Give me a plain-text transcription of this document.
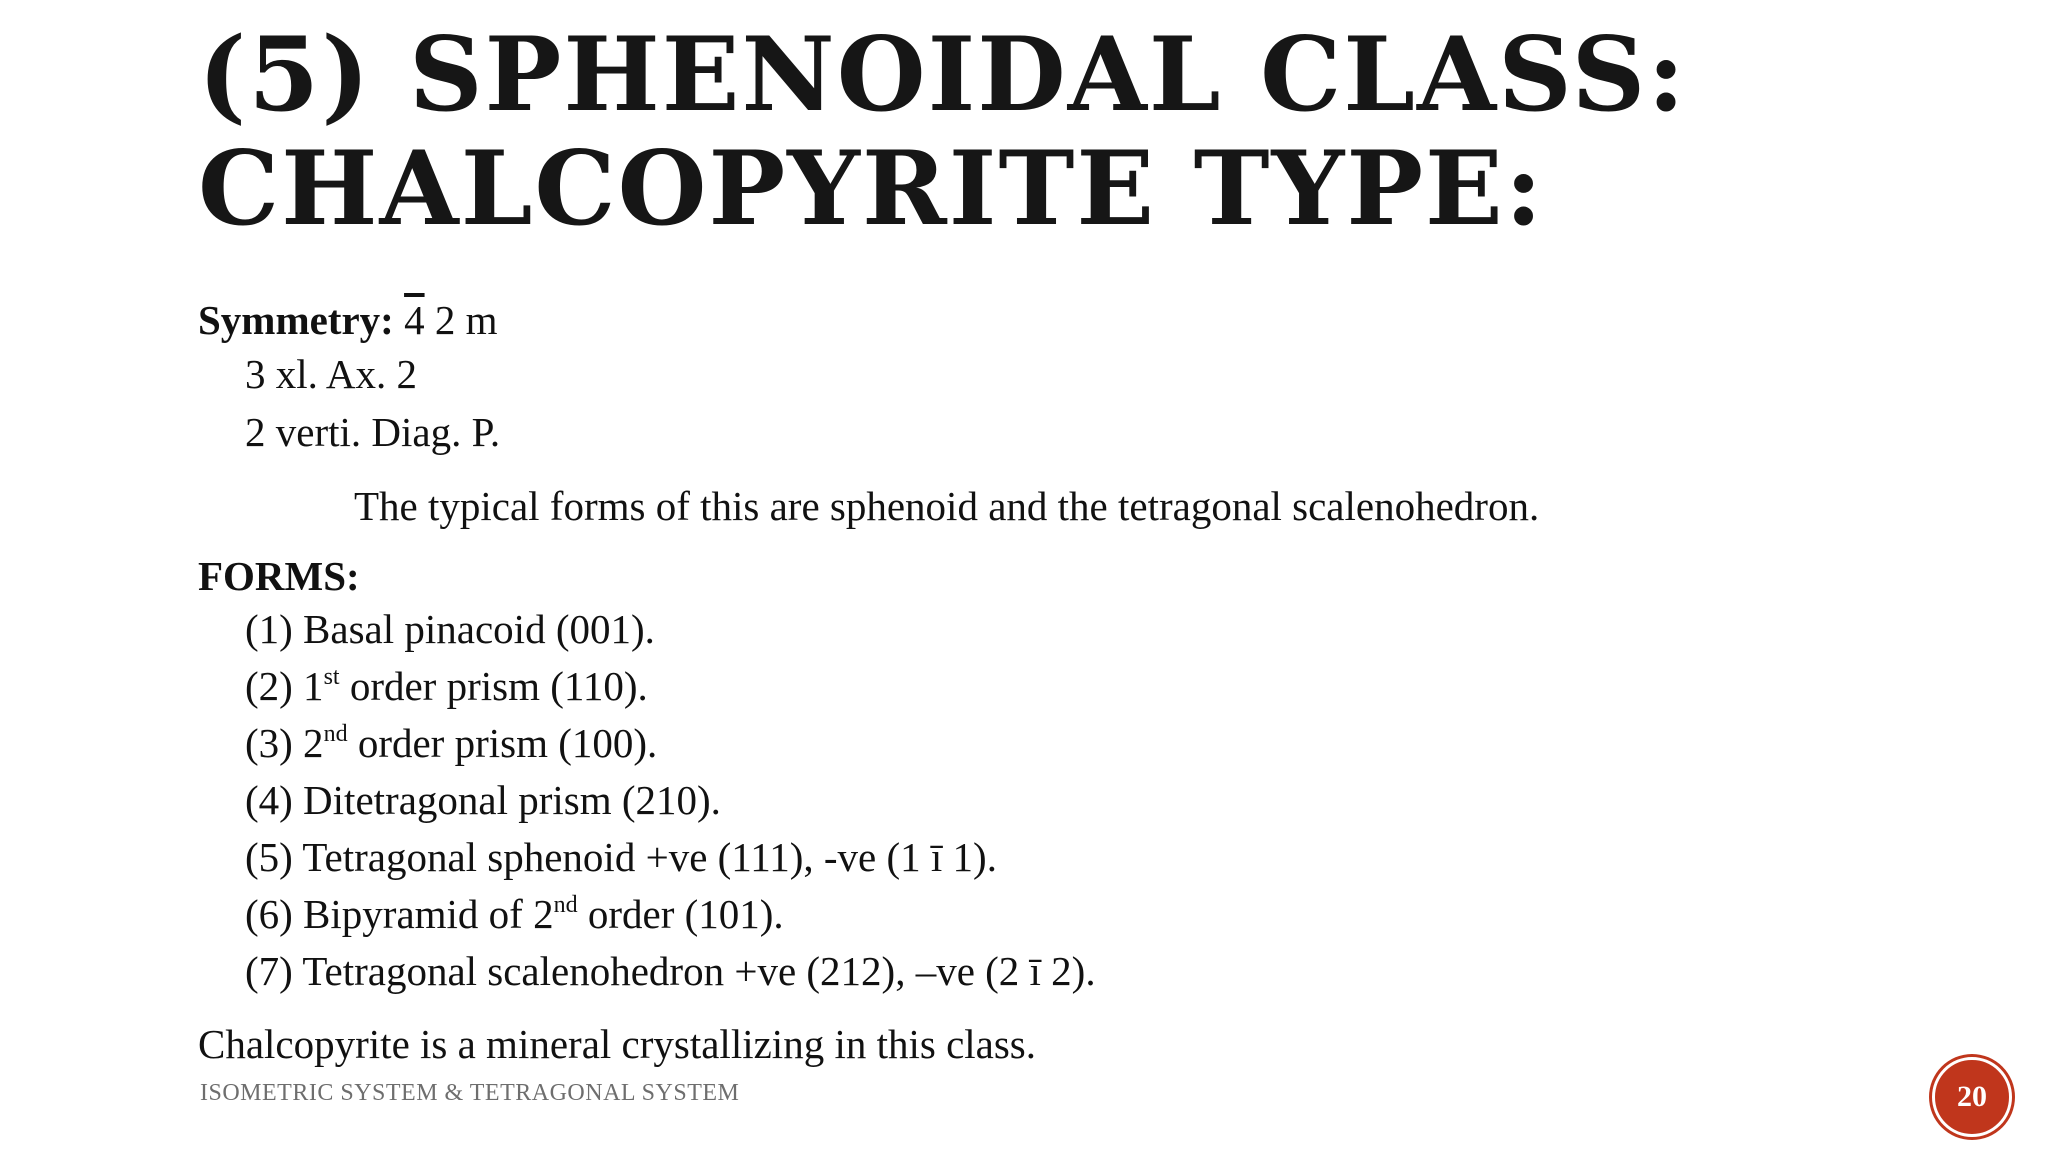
(5) SPHENOIDAL CLASS:
CHALCOPYRITE TYPE:

Symmetry: 4 2 m

3 xl. Ax. 2

2 verti. Diag. P.

The typical forms of this are sphenoid and the tetragonal scalenohedron.

FORMS:

(1) Basal pinacoid (001).

(2) 1st order prism (110).

(3) 2nd order prism (100).

(4) Ditetragonal prism (210).

(5) Tetragonal sphenoid +ve (111), -ve (1 ī 1).

(6) Bipyramid of 2nd order (101).

(7) Tetragonal scalenohedron +ve (212), –ve (2 ī 2).

Chalcopyrite is a mineral crystallizing in this class.

ISOMETRIC SYSTEM & TETRAGONAL SYSTEM	20
